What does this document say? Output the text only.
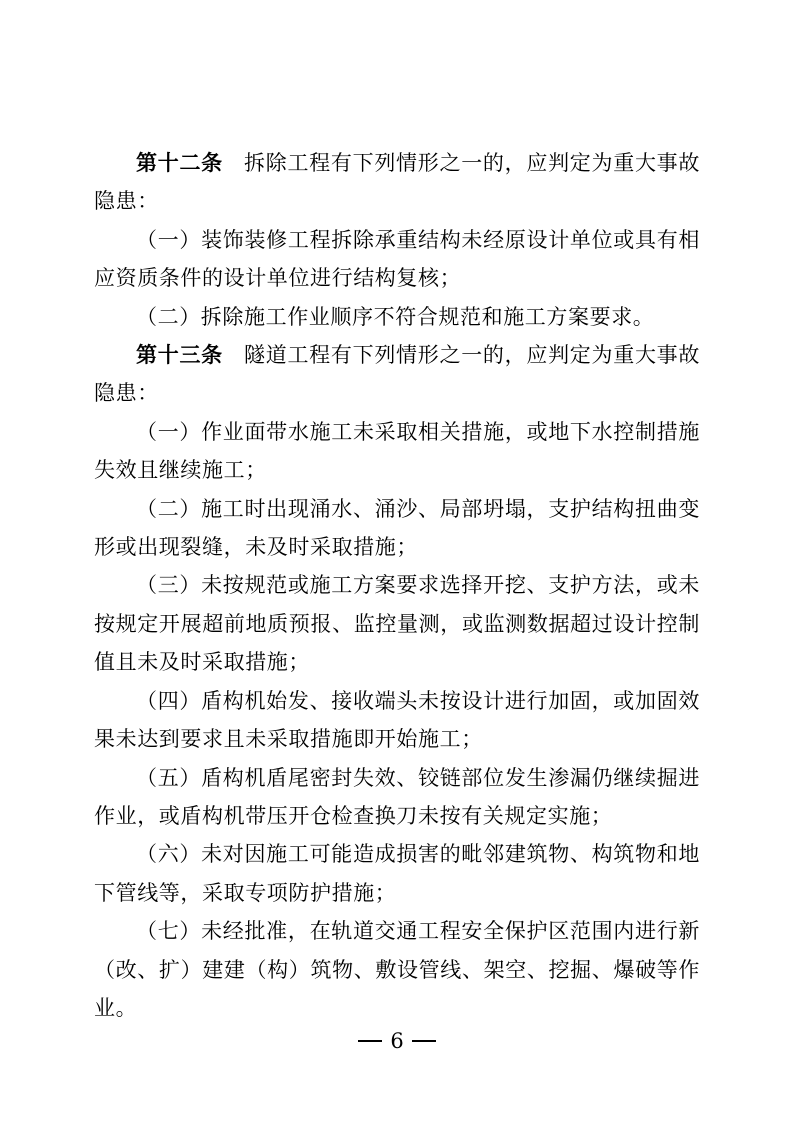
第十二条 拆除工程有下列情形之一的，应判定为重大事故隐患：

（一）装饰装修工程拆除承重结构未经原设计单位或具有相应资质条件的设计单位进行结构复核；

（二）拆除施工作业顺序不符合规范和施工方案要求。

第十三条 隧道工程有下列情形之一的，应判定为重大事故隐患：

（一）作业面带水施工未采取相关措施，或地下水控制措施失效且继续施工；

（二）施工时出现涌水、涌沙、局部坍塌，支护结构扭曲变形或出现裂缝，未及时采取措施；

（三）未按规范或施工方案要求选择开挖、支护方法，或未按规定开展超前地质预报、监控量测，或监测数据超过设计控制值且未及时采取措施；

（四）盾构机始发、接收端头未按设计进行加固，或加固效果未达到要求且未采取措施即开始施工；

（五）盾构机盾尾密封失效、铰链部位发生渗漏仍继续掘进作业，或盾构机带压开仓检查换刀未按有关规定实施；

（六）未对因施工可能造成损害的毗邻建筑物、构筑物和地下管线等，采取专项防护措施；

（七）未经批准，在轨道交通工程安全保护区范围内进行新（改、扩）建建（构）筑物、敷设管线、架空、挖掘、爆破等作业。

6
